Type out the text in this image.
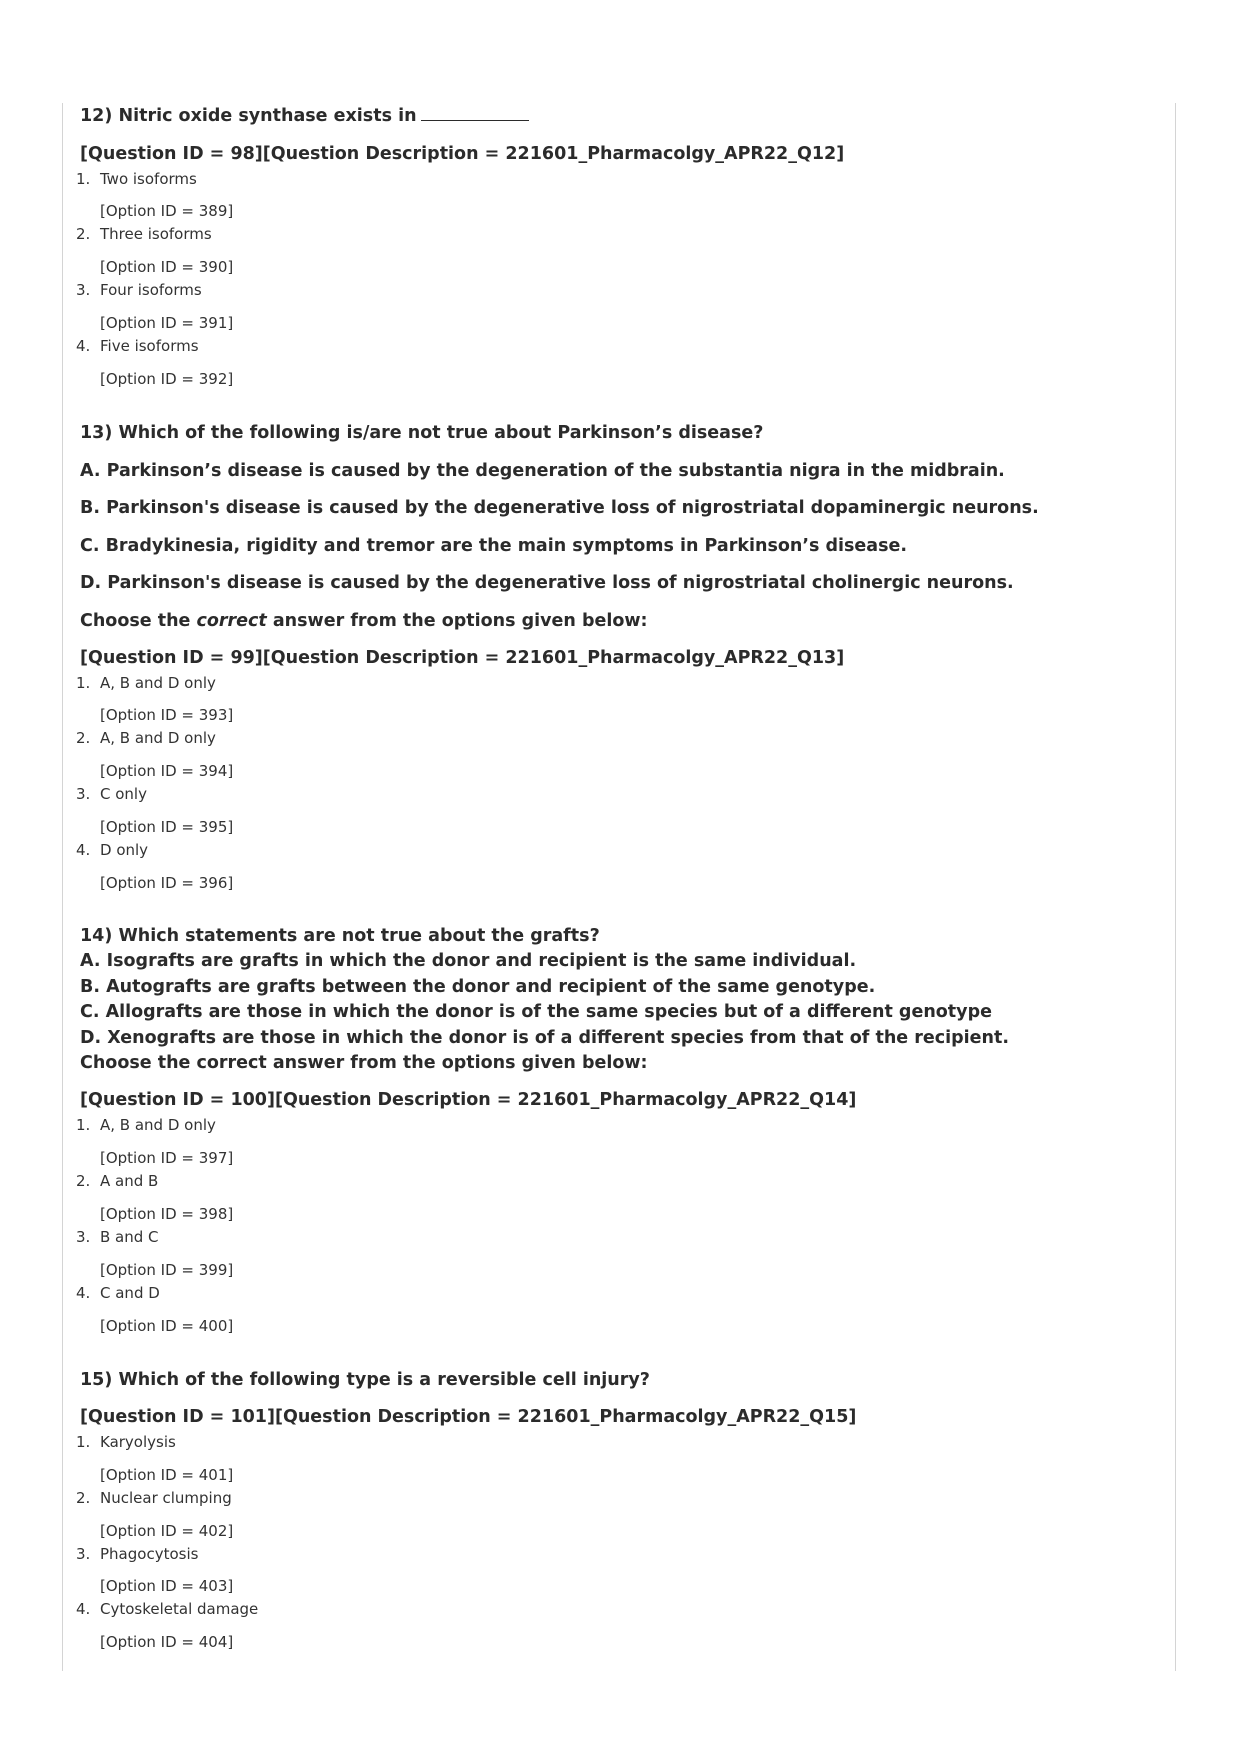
12) Nitric oxide synthase exists in
[Question ID = 98][Question Description = 221601_Pharmacolgy_APR22_Q12]
1. Two isoforms
[Option ID = 389]
2. Three isoforms
[Option ID = 390]
3. Four isoforms
[Option ID = 391]
4. Five isoforms
[Option ID = 392]
13) Which of the following is/are not true about Parkinson’s disease?
A. Parkinson’s disease is caused by the degeneration of the substantia nigra in the midbrain.
B. Parkinson's disease is caused by the degenerative loss of nigrostriatal dopaminergic neurons.
C. Bradykinesia, rigidity and tremor are the main symptoms in Parkinson’s disease.
D. Parkinson's disease is caused by the degenerative loss of nigrostriatal cholinergic neurons.
Choose the correct answer from the options given below:
[Question ID = 99][Question Description = 221601_Pharmacolgy_APR22_Q13]
1. A, B and D only
[Option ID = 393]
2. A, B and D only
[Option ID = 394]
3. C only
[Option ID = 395]
4. D only
[Option ID = 396]
14) Which statements are not true about the grafts?
A. Isografts are grafts in which the donor and recipient is the same individual.
B. Autografts are grafts between the donor and recipient of the same genotype.
C. Allografts are those in which the donor is of the same species but of a different genotype
D. Xenografts are those in which the donor is of a different species from that of the recipient.
Choose the correct answer from the options given below:
[Question ID = 100][Question Description = 221601_Pharmacolgy_APR22_Q14]
1. A, B and D only
[Option ID = 397]
2. A and B
[Option ID = 398]
3. B and C
[Option ID = 399]
4. C and D
[Option ID = 400]
15) Which of the following type is a reversible cell injury?
[Question ID = 101][Question Description = 221601_Pharmacolgy_APR22_Q15]
1. Karyolysis
[Option ID = 401]
2. Nuclear clumping
[Option ID = 402]
3. Phagocytosis
[Option ID = 403]
4. Cytoskeletal damage
[Option ID = 404]
